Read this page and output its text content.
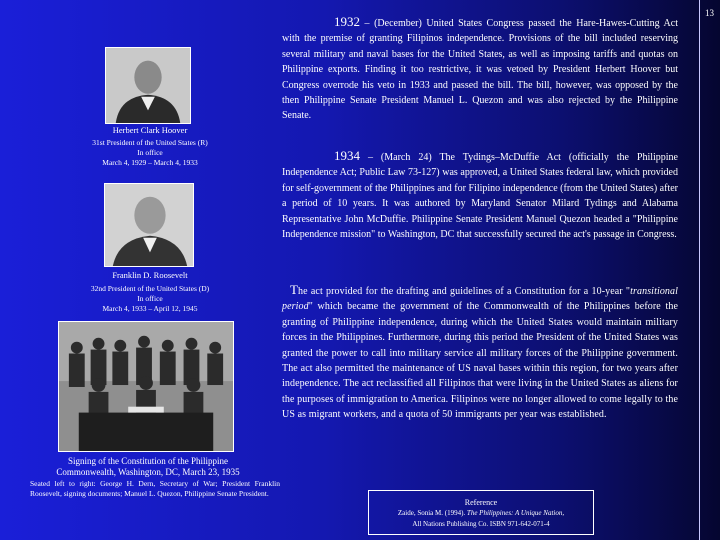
13
Herbert Clark Hoover
31st President of the United States (R)
In office
March 4, 1929 – March 4, 1933
Franklin D. Roosevelt
32nd President of the United States (D)
In office
March 4, 1933 – April 12, 1945
Signing of the Constitution of the Philippine
Commonwealth, Washington, DC, March 23, 1935
Seated left to right: George H. Dern, Secretary of War; President Franklin Roosevelt, signing documents; Manuel L. Quezon, Philippine Senate President.
1932 – (December) United States Congress passed the Hare-Hawes-Cutting Act with the premise of granting Filipinos independence. Provisions of the bill included reserving several military and naval bases for the United States, as well as imposing tariffs and quotas on Philippine exports. Finding it too restrictive, it was vetoed by President Herbert Hoover but Congress overrode his veto in 1933 and passed the bill. The bill, however, was opposed by the then Philippine Senate President Manuel L. Quezon and was also rejected by the Philippine Senate.
1934 – (March 24) The Tydings–McDuffie Act (officially the Philippine Independence Act; Public Law 73-127) was approved, a United States federal law, which provided for self-government of the Philippines and for Filipino independence (from the United States) after a period of 10 years. It was authored by Maryland Senator Milard Tydings and Alabama Representative John McDuffie. Philippine Senate President Manuel Quezon headed a "Philippine Independence mission" to Washington, DC that successfully secured the act's passage in Congress.
The act provided for the drafting and guidelines of a Constitution for a 10-year "transitional period" which became the government of the Commonwealth of the Philippines before the granting of Philippine independence, during which the United States would maintain military forces in the Philippines. Furthermore, during this period the President of the United States was granted the power to call into military service all military forces of the Philippine government. The act also permitted the maintenance of US naval bases within this region, for two years after independence. The act reclassified all Filipinos that were living in the United States as aliens for the purposes of immigration to America. Filipinos were no longer allowed to come legally to the US as migrant workers, and a quota of 50 immigrants per year was established.
Reference
Zaide, Sonia M. (1994). The Philippines: A Unique Nation,
All Nations Publishing Co. ISBN 971-642-071-4
